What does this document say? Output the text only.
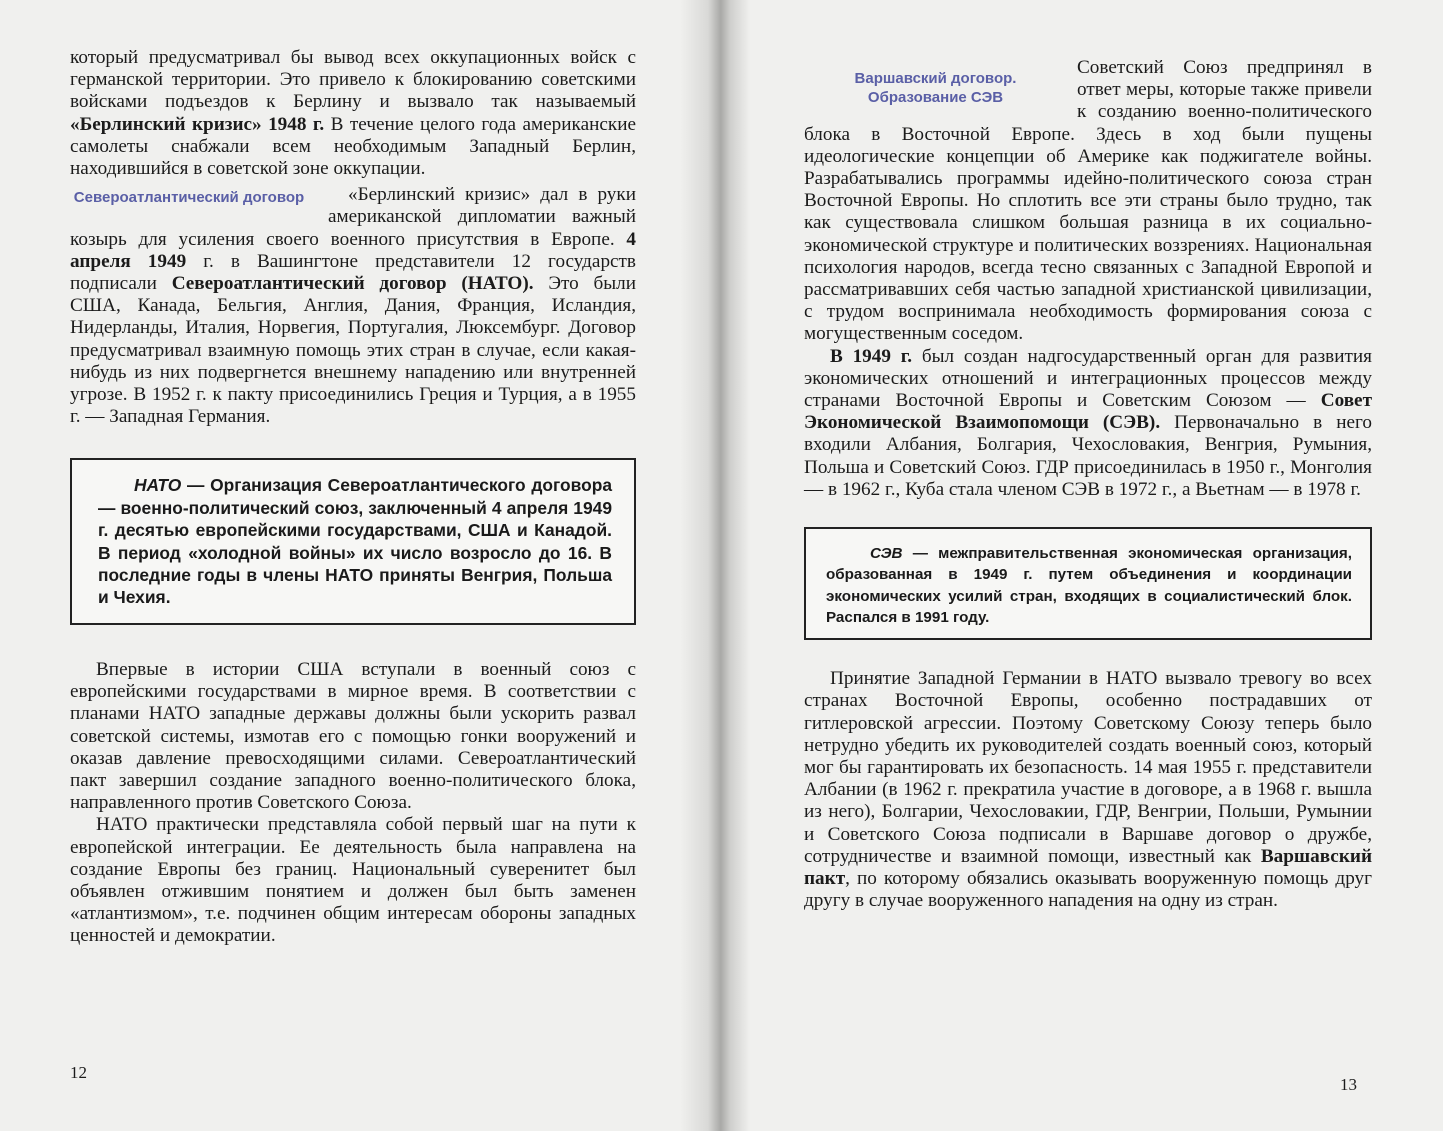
который предусматривал бы вывод всех оккупационных войск с германской территории. Это привело к блокированию советскими войсками подъездов к Берлину и вызвало так называемый «Берлинский кризис» 1948 г. В течение целого года американские самолеты снабжали всем необходимым Западный Берлин, находившийся в советской зоне оккупации.

Североатлантический договор	«Берлинский кризис» дал в руки американской дипломатии важный козырь для усиления своего военного присутствия в Европе. 4 апреля 1949 г. в Вашингтоне представители 12 государств подписали Североатлантический договор (НАТО). Это были США, Канада, Бельгия, Англия, Дания, Франция, Исландия, Нидерланды, Италия, Норвегия, Португалия, Люксембург. Договор предусматривал взаимную помощь этих стран в случае, если какая-нибудь из них подвергнется внешнему нападению или внутренней угрозе. В 1952 г. к пакту присоединились Греция и Турция, а в 1955 г. — Западная Германия.

НАТО — Организация Североатлантического договора — военно-политический союз, заключенный 4 апреля 1949 г. десятью европейскими государствами, США и Канадой. В период «холодной войны» их число возросло до 16. В последние годы в члены НАТО приняты Венгрия, Польша и Чехия.

Впервые в истории США вступали в военный союз с европейскими государствами в мирное время. В соответствии с планами НАТО западные державы должны были ускорить развал советской системы, измотав его с помощью гонки вооружений и оказав давление превосходящими силами. Североатлантический пакт завершил создание западного военно-политического блока, направленного против Советского Союза.

НАТО практически представляла собой первый шаг на пути к европейской интеграции. Ее деятельность была направлена на создание Европы без границ. Национальный суверенитет был объявлен отжившим понятием и должен был быть заменен «атлантизмом», т.е. подчинен общим интересам обороны западных ценностей и демократии.

12

Варшавский договор. Образование СЭВ
Советский Союз предпринял в ответ меры, которые также привели к созданию военно-политического блока в Восточной Европе. Здесь в ход были пущены идеологические концепции об Америке как поджигателе войны. Разрабатывались программы идейно-политического союза стран Восточной Европы. Но сплотить все эти страны было трудно, так как существовала слишком большая разница в их социально-экономической структуре и политических воззрениях. Национальная психология народов, всегда тесно связанных с Западной Европой и рассматривавших себя частью западной христианской цивилизации, с трудом воспринимала необходимость формирования союза с могущественным соседом.

В 1949 г. был создан надгосударственный орган для развития экономических отношений и интеграционных процессов между странами Восточной Европы и Советским Союзом — Совет Экономической Взаимопомощи (СЭВ). Первоначально в него входили Албания, Болгария, Чехословакия, Венгрия, Румыния, Польша и Советский Союз. ГДР присоединилась в 1950 г., Монголия — в 1962 г., Куба стала членом СЭВ в 1972 г., а Вьетнам — в 1978 г.

СЭВ — межправительственная экономическая организация, образованная в 1949 г. путем объединения и координации экономических усилий стран, входящих в социалистический блок. Распался в 1991 году.

Принятие Западной Германии в НАТО вызвало тревогу во всех странах Восточной Европы, особенно пострадавших от гитлеровской агрессии. Поэтому Советскому Союзу теперь было нетрудно убедить их руководителей создать военный союз, который мог бы гарантировать их безопасность. 14 мая 1955 г. представители Албании (в 1962 г. прекратила участие в договоре, а в 1968 г. вышла из него), Болгарии, Чехословакии, ГДР, Венгрии, Польши, Румынии и Советского Союза подписали в Варшаве договор о дружбе, сотрудничестве и взаимной помощи, известный как Варшавский пакт, по которому обязались оказывать вооруженную помощь друг другу в случае вооруженного нападения на одну из стран.

13
